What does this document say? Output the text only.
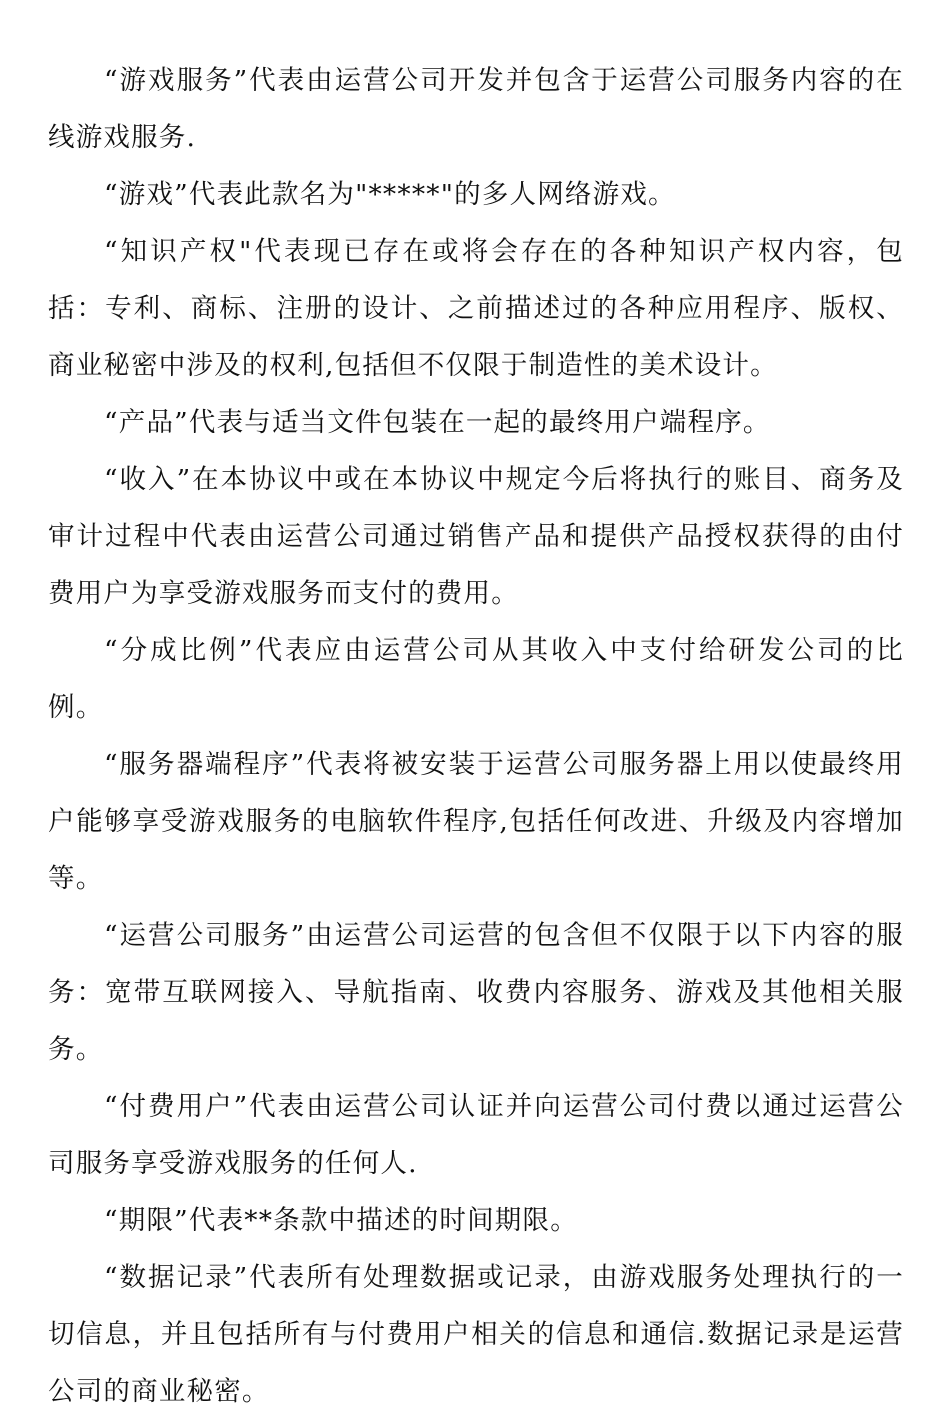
“游戏服务”代表由运营公司开发并包含于运营公司服务内容的在线游戏服务.

“游戏”代表此款名为"*****"的多人网络游戏。

“知识产权"代表现已存在或将会存在的各种知识产权内容，包括：专利、商标、注册的设计、之前描述过的各种应用程序、版权、商业秘密中涉及的权利,包括但不仅限于制造性的美术设计。

“产品”代表与适当文件包装在一起的最终用户端程序。

“收入”在本协议中或在本协议中规定今后将执行的账目、商务及审计过程中代表由运营公司通过销售产品和提供产品授权获得的由付费用户为享受游戏服务而支付的费用。

“分成比例”代表应由运营公司从其收入中支付给研发公司的比例。

“服务器端程序”代表将被安装于运营公司服务器上用以使最终用户能够享受游戏服务的电脑软件程序,包括任何改进、升级及内容增加等。

“运营公司服务”由运营公司运营的包含但不仅限于以下内容的服务：宽带互联网接入、导航指南、收费内容服务、游戏及其他相关服务。

“付费用户”代表由运营公司认证并向运营公司付费以通过运营公司服务享受游戏服务的任何人.

“期限”代表**条款中描述的时间期限。

“数据记录”代表所有处理数据或记录，由游戏服务处理执行的一切信息，并且包括所有与付费用户相关的信息和通信.数据记录是运营公司的商业秘密。
